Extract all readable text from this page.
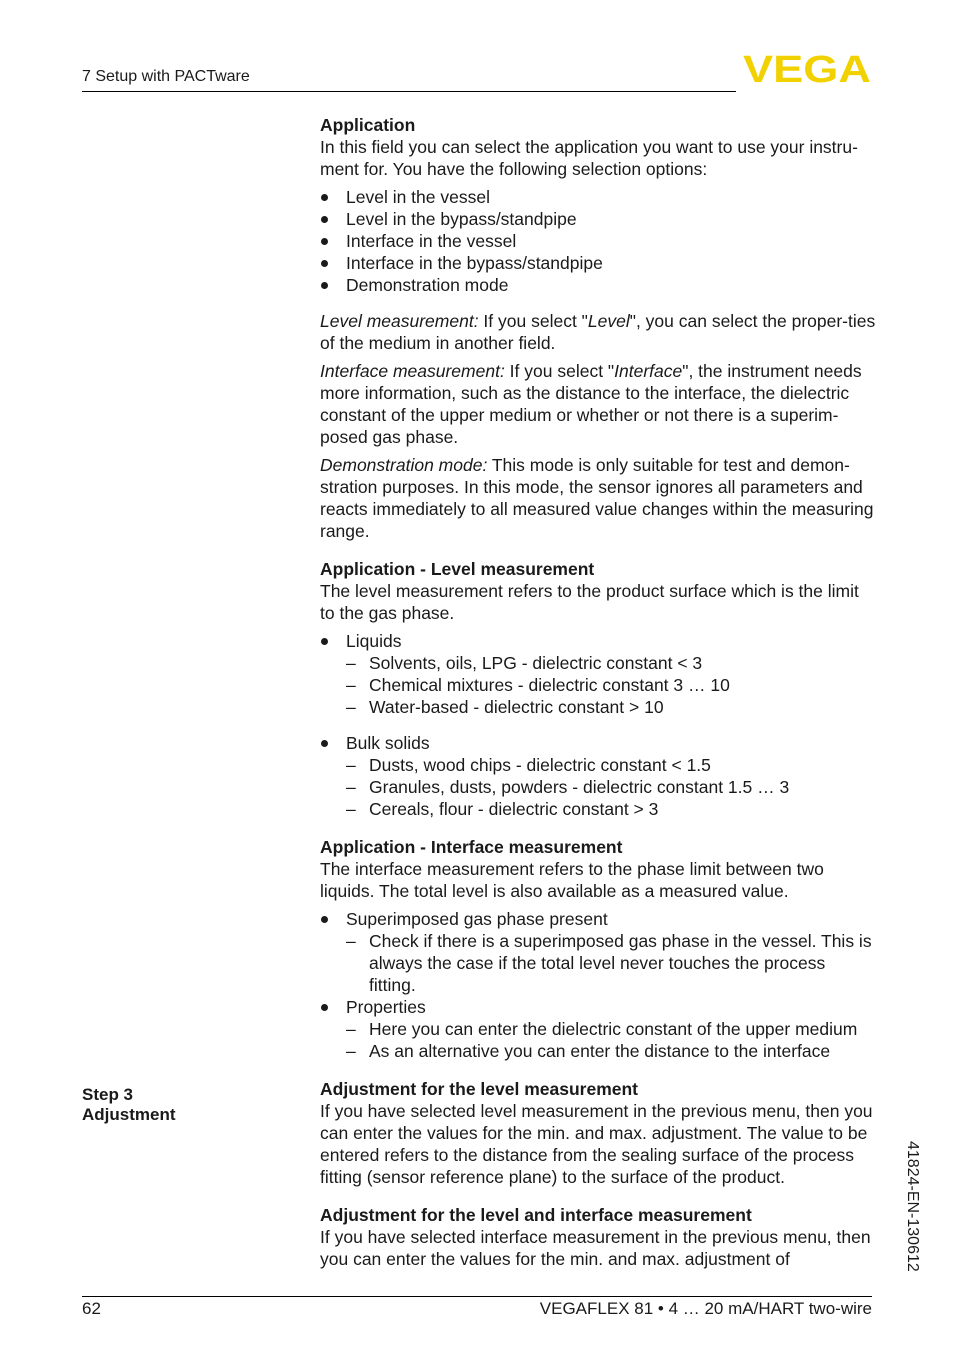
7 Setup with PACTware	VEGA

Application

In this field you can select the application you want to use your instru-ment for. You have the following selection options:

Level in the vessel
Level in the bypass/standpipe
Interface in the vessel
Interface in the bypass/standpipe
Demonstration mode

Level measurement: If you select "Level", you can select the proper-ties of the medium in another field.

Interface measurement: If you select "Interface", the instrument needs more information, such as the distance to the interface, the dielectric constant of the upper medium or whether or not there is a superim-posed gas phase.

Demonstration mode: This mode is only suitable for test and demon-stration purposes. In this mode, the sensor ignores all parameters and reacts immediately to all measured value changes within the measuring range.

Application - Level measurement

The level measurement refers to the product surface which is the limit to the gas phase.

Liquids
– Solvents, oils, LPG - dielectric constant < 3
– Chemical mixtures - dielectric constant 3 … 10
– Water-based - dielectric constant > 10
Bulk solids
– Dusts, wood chips - dielectric constant < 1.5
– Granules, dusts, powders - dielectric constant 1.5 … 3
– Cereals, flour - dielectric constant > 3

Application - Interface measurement

The interface measurement refers to the phase limit between two liquids. The total level is also available as a measured value.

Superimposed gas phase present
– Check if there is a superimposed gas phase in the vessel. This is always the case if the total level never touches the process fitting.
Properties
– Here you can enter the dielectric constant of the upper medium
– As an alternative you can enter the distance to the interface

Adjustment for the level measurement

If you have selected level measurement in the previous menu, then you can enter the values for the min. and max. adjustment. The value to be entered refers to the distance from the sealing surface of the process fitting (sensor reference plane) to the surface of the product.

Adjustment for the level and interface measurement

If you have selected interface measurement in the previous menu, then you can enter the values for the min. and max. adjustment of

Step 3
Adjustment
41824-EN-130612
62	VEGAFLEX 81 • 4 … 20 mA/HART two-wire
